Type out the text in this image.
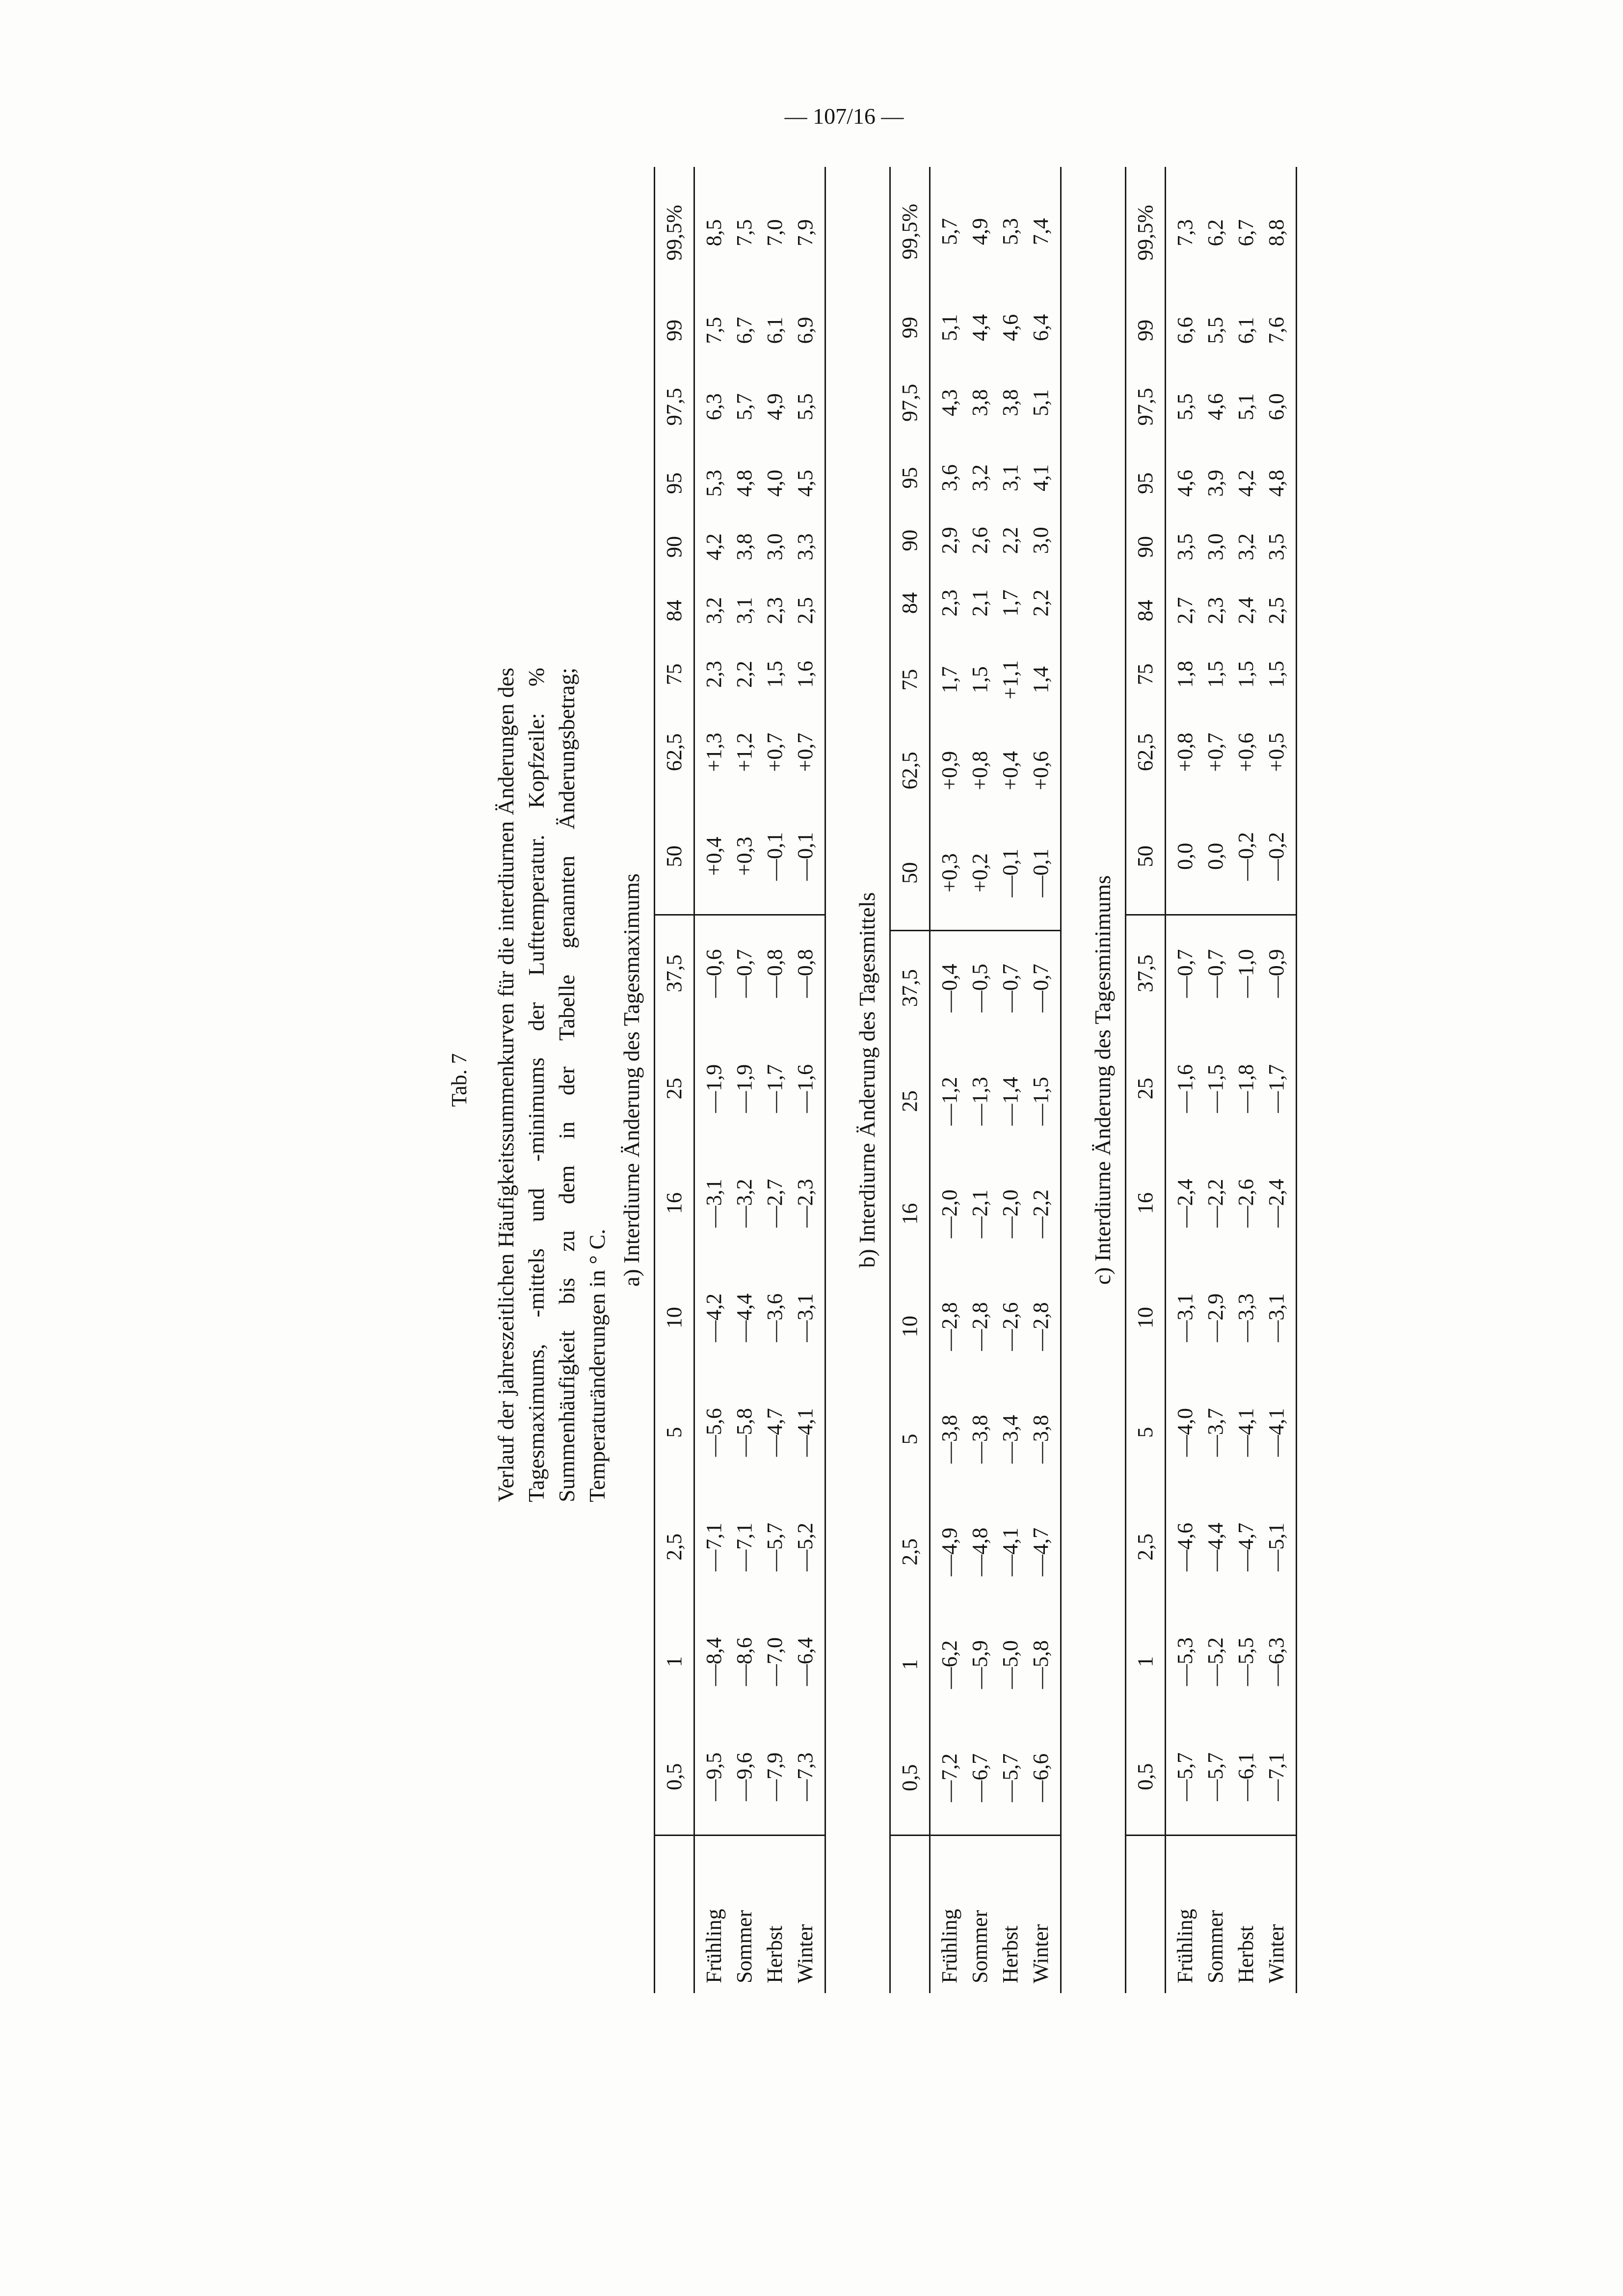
— 107/16 —
Tab. 7 Verlauf der jahreszeitlichen Häufigkeitssummenkurven für die interdiurnen Änderungen des Tagesmaximums, -mittels und -minimums der Lufttemperatur. Kopfzeile: % Summenhäufigkeit bis zu dem in der Tabelle genannten Änderungsbetrag; Temperaturänderungen in ° C.
a) Interdiurne Änderung des Tagesmaximums
	0,5	1	2,5	5	10	16	25	37,5	50	62,5	75	84	90	95	97,5	99	99,5%
Frühling	—9,5	—8,4	—7,1	—5,6	—4,2	—3,1	—1,9	—0,6	+0,4	+1,3	2,3	3,2	4,2	5,3	6,3	7,5	8,5
Sommer	—9,6	—8,6	—7,1	—5,8	—4,4	—3,2	—1,9	—0,7	+0,3	+1,2	2,2	3,1	3,8	4,8	5,7	6,7	7,5
Herbst	—7,9	—7,0	—5,7	—4,7	—3,6	—2,7	—1,7	—0,8	—0,1	+0,7	1,5	2,3	3,0	4,0	4,9	6,1	7,0
Winter	—7,3	—6,4	—5,2	—4,1	—3,1	—2,3	—1,6	—0,8	—0,1	+0,7	1,6	2,5	3,3	4,5	5,5	6,9	7,9
b) Interdiurne Änderung des Tagesmittels
	0,5	1	2,5	5	10	16	25	37,5	50	62,5	75	84	90	95	97,5	99	99,5%
Frühling	—7,2	—6,2	—4,9	—3,8	—2,8	—2,0	—1,2	—0,4	+0,3	+0,9	1,7	2,3	2,9	3,6	4,3	5,1	5,7
Sommer	—6,7	—5,9	—4,8	—3,8	—2,8	—2,1	—1,3	—0,5	+0,2	+0,8	1,5	2,1	2,6	3,2	3,8	4,4	4,9
Herbst	—5,7	—5,0	—4,1	—3,4	—2,6	—2,0	—1,4	—0,7	—0,1	+0,4	+1,1	1,7	2,2	3,1	3,8	4,6	5,3
Winter	—6,6	—5,8	—4,7	—3,8	—2,8	—2,2	—1,5	—0,7	—0,1	+0,6	1,4	2,2	3,0	4,1	5,1	6,4	7,4
c) Interdiurne Änderung des Tagesminimums
	0,5	1	2,5	5	10	16	25	37,5	50	62,5	75	84	90	95	97,5	99	99,5%
Frühling	—5,7	—5,3	—4,6	—4,0	—3,1	—2,4	—1,6	—0,7	0,0	+0,8	1,8	2,7	3,5	4,6	5,5	6,6	7,3
Sommer	—5,7	—5,2	—4,4	—3,7	—2,9	—2,2	—1,5	—0,7	0,0	+0,7	1,5	2,3	3,0	3,9	4,6	5,5	6,2
Herbst	—6,1	—5,5	—4,7	—4,1	—3,3	—2,6	—1,8	—1,0	—0,2	+0,6	1,5	2,4	3,2	4,2	5,1	6,1	6,7
Winter	—7,1	—6,3	—5,1	—4,1	—3,1	—2,4	—1,7	—0,9	—0,2	+0,5	1,5	2,5	3,5	4,8	6,0	7,6	8,8
